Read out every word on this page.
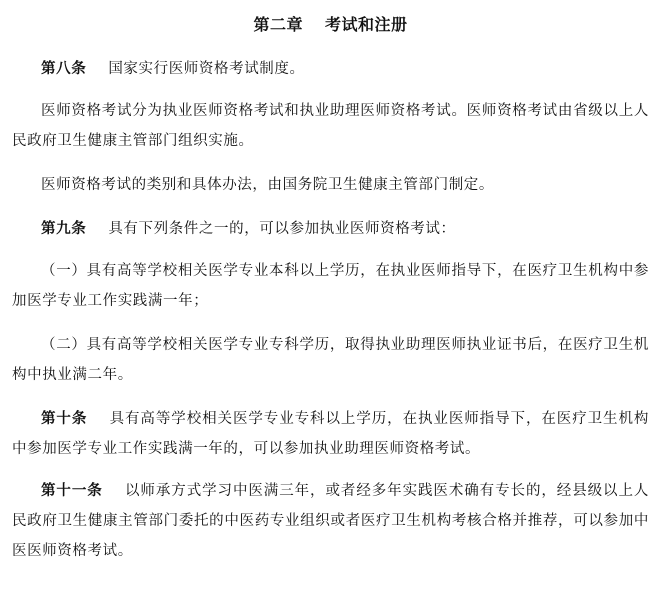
第二章 考试和注册

第八条 国家实行医师资格考试制度。

医师资格考试分为执业医师资格考试和执业助理医师资格考试。医师资格考试由省级以上人民政府卫生健康主管部门组织实施。

医师资格考试的类别和具体办法，由国务院卫生健康主管部门制定。

第九条 具有下列条件之一的，可以参加执业医师资格考试：

（一）具有高等学校相关医学专业本科以上学历，在执业医师指导下，在医疗卫生机构中参加医学专业工作实践满一年；

（二）具有高等学校相关医学专业专科学历，取得执业助理医师执业证书后，在医疗卫生机构中执业满二年。

第十条 具有高等学校相关医学专业专科以上学历，在执业医师指导下，在医疗卫生机构中参加医学专业工作实践满一年的，可以参加执业助理医师资格考试。

第十一条 以师承方式学习中医满三年，或者经多年实践医术确有专长的，经县级以上人民政府卫生健康主管部门委托的中医药专业组织或者医疗卫生机构考核合格并推荐，可以参加中医医师资格考试。
